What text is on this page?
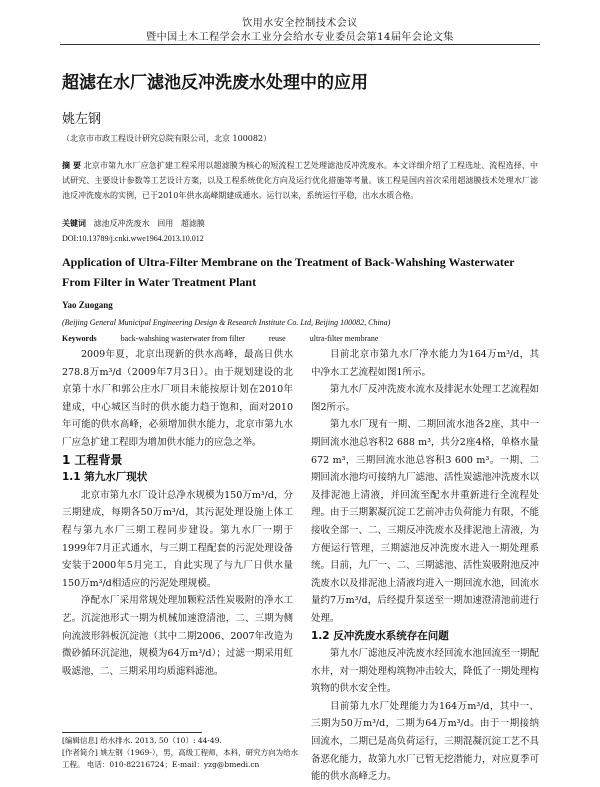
饮用水安全控制技术会议
暨中国土木工程学会水工业分会给水专业委员会第14届年会论文集
超滤在水厂滤池反冲洗废水处理中的应用
姚左钢
（北京市市政工程设计研究总院有限公司，北京 100082）
摘 要 北京市第九水厂应急扩建工程采用以超滤膜为核心的短流程工艺处理滤池反冲洗废水。本文详细介绍了工程选址、流程选择、中试研究、主要设计参数等工艺设计方案，以及工程系统优化方向及运行优化措施等考量。该工程是国内首次采用超滤膜技术处理水厂滤池反冲洗废水的实例，已于2010年供水高峰期建成通水。运行以来，系统运行平稳，出水水质合格。
关键词 滤池反冲洗废水 回用 超滤膜
DOI:10.13789/j.cnki.wwe1964.2013.10.012
Application of Ultra-Filter Membrane on the Treatment of Back-Wahshing Wasterwater From Filter in Water Treatment Plant
Yao Zuogang
(Beijing General Municipal Engineering Design & Research Institute Co. Ltd, Beijing 100082, China)
Keywords	back-wahshing wasterwater from filter	reuse	ultra-filter membrane

2009年夏，北京出现新的供水高峰，最高日供水278.8万m³/d（2009年7月3日）。由于规划建设的北京第十水厂和郭公庄水厂项目未能按原计划在2010年建成，中心城区当时的供水能力趋于饱和，面对2010年可能的供水高峰，必须增加供水能力，北京市第九水厂应急扩建工程即为增加供水能力的应急之举。

1 工程背景

1.1 第九水厂现状

北京市第九水厂设计总净水规模为150万m³/d，分三期建成，每期各50万m³/d，其污泥处理设施上体工程与第九水厂三期工程同步建设。第九水厂一期于1999年7月正式通水，与三期工程配套的污泥处理设备安装于2000年5月完工，自此实现了与九厂日供水量150万m³/d相适应的污泥处理规模。

净配水厂采用常规处理加颗粒活性炭吸附的净水工艺。沉淀池形式一期为机械加速澄清池，二、三期为侧向流波形斜板沉淀池（其中二期2006、2007年改造为微砂循环沉淀池，规模为64万m³/d）；过滤一期采用虹吸滤池，二、三期采用均质滤料滤池。

目前北京市第九水厂净水能力为164万m³/d，其中净水工艺流程如图1所示。

第九水厂反冲洗废水流水及排泥水处理工艺流程如图2所示。

第九水厂现有一期、二期回流水池各2座，其中一期回流水池总容积2 688 m³，共分2座4格，单格水量672 m³，三期回流水池总容积3 600 m³。一期、二期回流水池均可接纳九厂滤池、活性炭滤池冲洗废水以及排泥池上清液，并回流至配水井重新进行全流程处理。由于三期絮凝沉淀工艺前冲击负荷能力有限，不能接收全部一、二、三期反冲洗废水及排泥池上清液，为方便运行管理，三期滤池反冲洗废水进入一期处理系统。目前，九厂一、二、三期滤池、活性炭吸附池反冲洗废水以及排泥池上清液均进入一期回流水池，回流水量约7万m³/d，后经提升泵送至一期加速澄清池前进行处理。

1.2 反冲洗废水系统存在问题

第九水厂滤池反冲洗废水经回流水池回流至一期配水井，对一期处理构筑物冲击较大，降低了一期处理构筑物的供水安全性。

目前第九水厂处理能力为164万m³/d，其中一、三期为50万m³/d，二期为64万m³/d。由于一期接纳回流水，二期已是高负荷运行，三期混凝沉淀工艺不具备恶化能力，故第九水厂已暂无挖潜能力，对应夏季可能的供水高峰乏力。

[编辑信息] 给水排水. 2013, 50（10）: 44-49.
[作者简介] 姚左钢（1969-），男，高级工程师，本科，研究方向为给水
工程。 电话：010-82216724；E-mail：yzg@bmedi.cn
